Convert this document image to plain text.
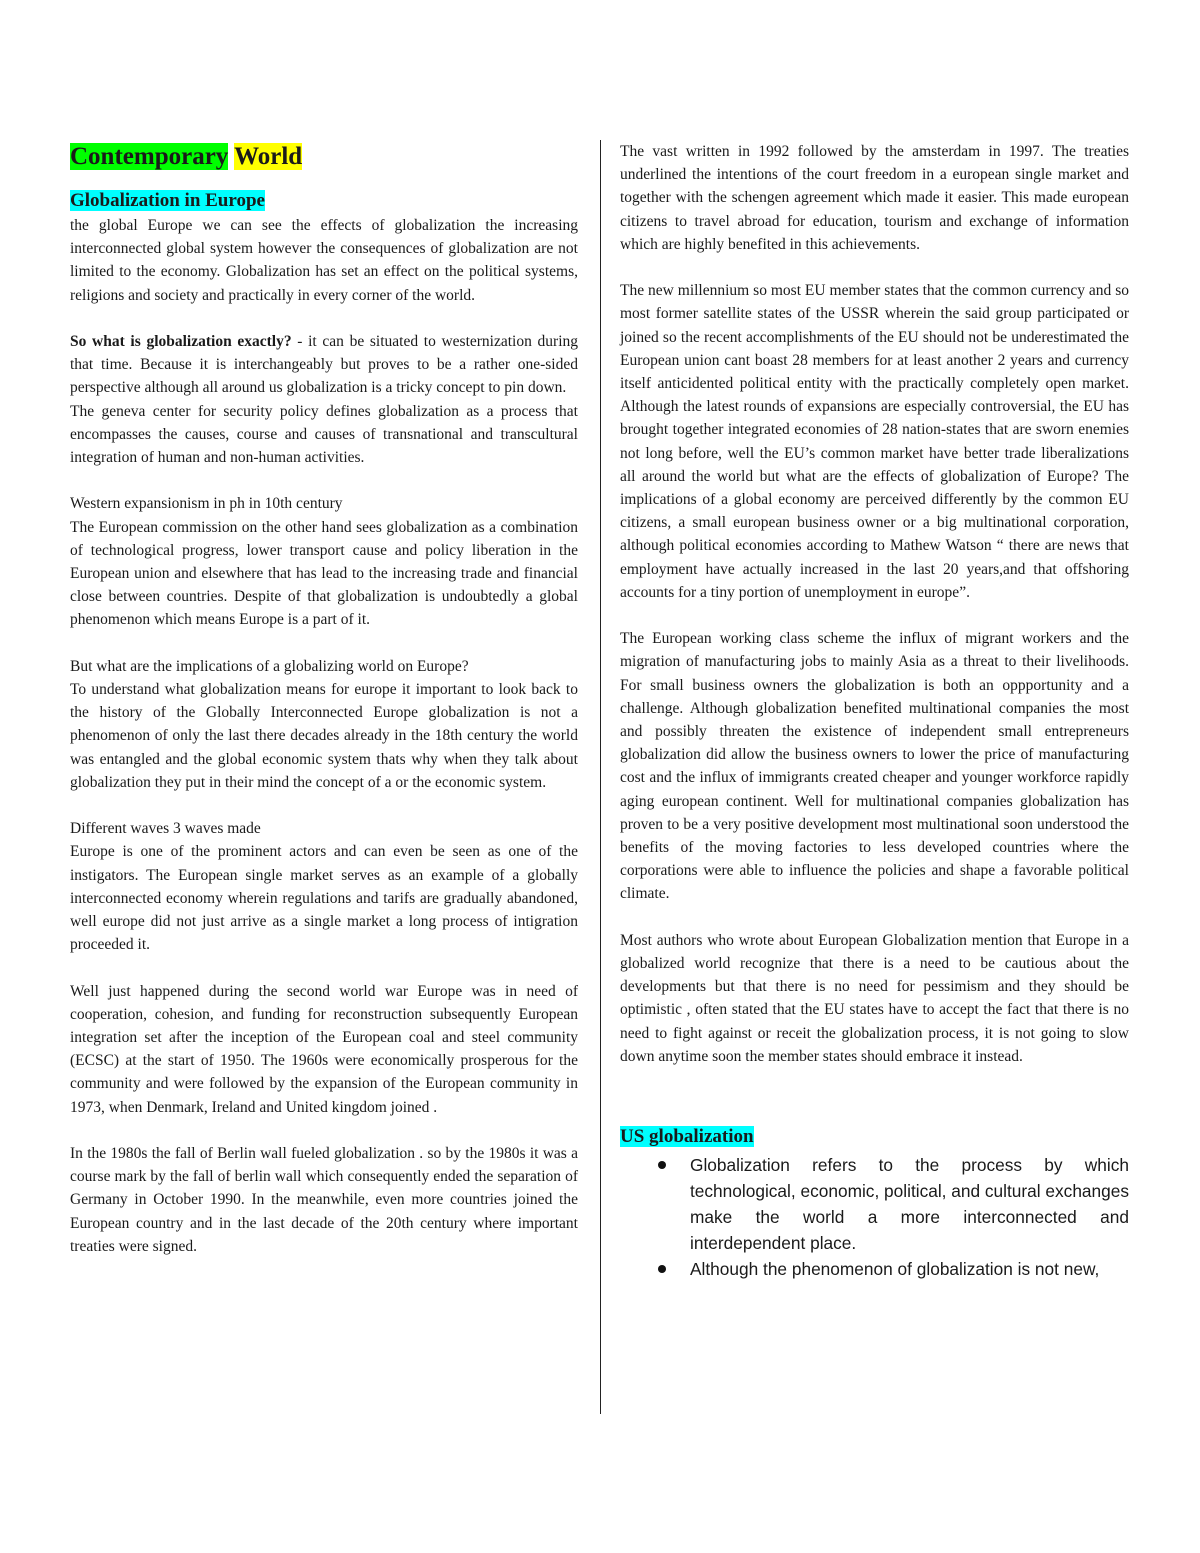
Contemporary World
Globalization in Europe

the global Europe we can see the effects of globalization the increasing interconnected global system however the consequences of globalization are not limited to the economy. Globalization has set an effect on the political systems, religions and society and practically in every corner of the world.

So what is globalization exactly? - it can be situated to westernization during that time. Because it is interchangeably but proves to be a rather one-sided perspective although all around us globalization is a tricky concept to pin down.

The geneva center for security policy defines globalization as a process that encompasses the causes, course and causes of transnational and transcultural integration of human and non-human activities.

Western expansionism in ph in 10th century

The European commission on the other hand sees globalization as a combination of technological progress, lower transport cause and policy liberation in the European union and elsewhere that has lead to the increasing trade and financial close between countries. Despite of that globalization is undoubtedly a global phenomenon which means Europe is a part of it.

But what are the implications of a globalizing world on Europe?

To understand what globalization means for europe it important to look back to the history of the Globally Interconnected Europe globalization is not a phenomenon of only the last there decades already in the 18th century the world was entangled and the global economic system thats why when they talk about globalization they put in their mind the concept of a or the economic system.

Different waves 3 waves made

Europe is one of the prominent actors and can even be seen as one of the instigators. The European single market serves as an example of a globally interconnected economy wherein regulations and tarifs are gradually abandoned, well europe did not just arrive as a single market a long process of intigration proceeded it.

Well just happened during the second world war Europe was in need of cooperation, cohesion, and funding for reconstruction subsequently European integration set after the inception of the European coal and steel community (ECSC) at the start of 1950. The 1960s were economically prosperous for the community and were followed by the expansion of the European community in 1973, when Denmark, Ireland and United kingdom joined .

In the 1980s the fall of Berlin wall fueled globalization . so by the 1980s it was a course mark by the fall of berlin wall which consequently ended the separation of Germany in October 1990. In the meanwhile, even more countries joined the European country and in the last decade of the 20th century where important treaties were signed.

The vast written in 1992 followed by the amsterdam in 1997. The treaties underlined the intentions of the court freedom in a european single market and together with the schengen agreement which made it easier. This made european citizens to travel abroad for education, tourism and exchange of information which are highly benefited in this achievements.

The new millennium so most EU member states that the common currency and so most former satellite states of the USSR wherein the said group participated or joined so the recent accomplishments of the EU should not be underestimated the European union cant boast 28 members for at least another 2 years and currency itself anticidented political entity with the practically completely open market. Although the latest rounds of expansions are especially controversial, the EU has brought together integrated economies of 28 nation-states that are sworn enemies not long before, well the EU’s common market have better trade liberalizations all around the world but what are the effects of globalization of Europe? The implications of a global economy are perceived differently by the common EU citizens, a small european business owner or a big multinational corporation, although political economies according to Mathew Watson “ there are news that employment have actually increased in the last 20 years,and that offshoring accounts for a tiny portion of unemployment in europe”.

The European working class scheme the influx of migrant workers and the migration of manufacturing jobs to mainly Asia as a threat to their livelihoods. For small business owners the globalization is both an oppportunity and a challenge. Although globalization benefited multinational companies the most and possibly threaten the existence of independent small entrepreneurs globalization did allow the business owners to lower the price of manufacturing cost and the influx of immigrants created cheaper and younger workforce rapidly aging european continent. Well for multinational companies globalization has proven to be a very positive development most multinational soon understood the benefits of the moving factories to less developed countries where the corporations were able to influence the policies and shape a favorable political climate.

Most authors who wrote about European Globalization mention that Europe in a globalized world recognize that there is a need to be cautious about the developments but that there is no need for pessimism and they should be optimistic , often stated that the EU states have to accept the fact that there is no need to fight against or receit the globalization process, it is not going to slow down anytime soon the member states should embrace it instead.

US globalization
Globalization refers to the process by which technological, economic, political, and cultural exchanges make the world a more interconnected and interdependent place.
Although the phenomenon of globalization is not new,
